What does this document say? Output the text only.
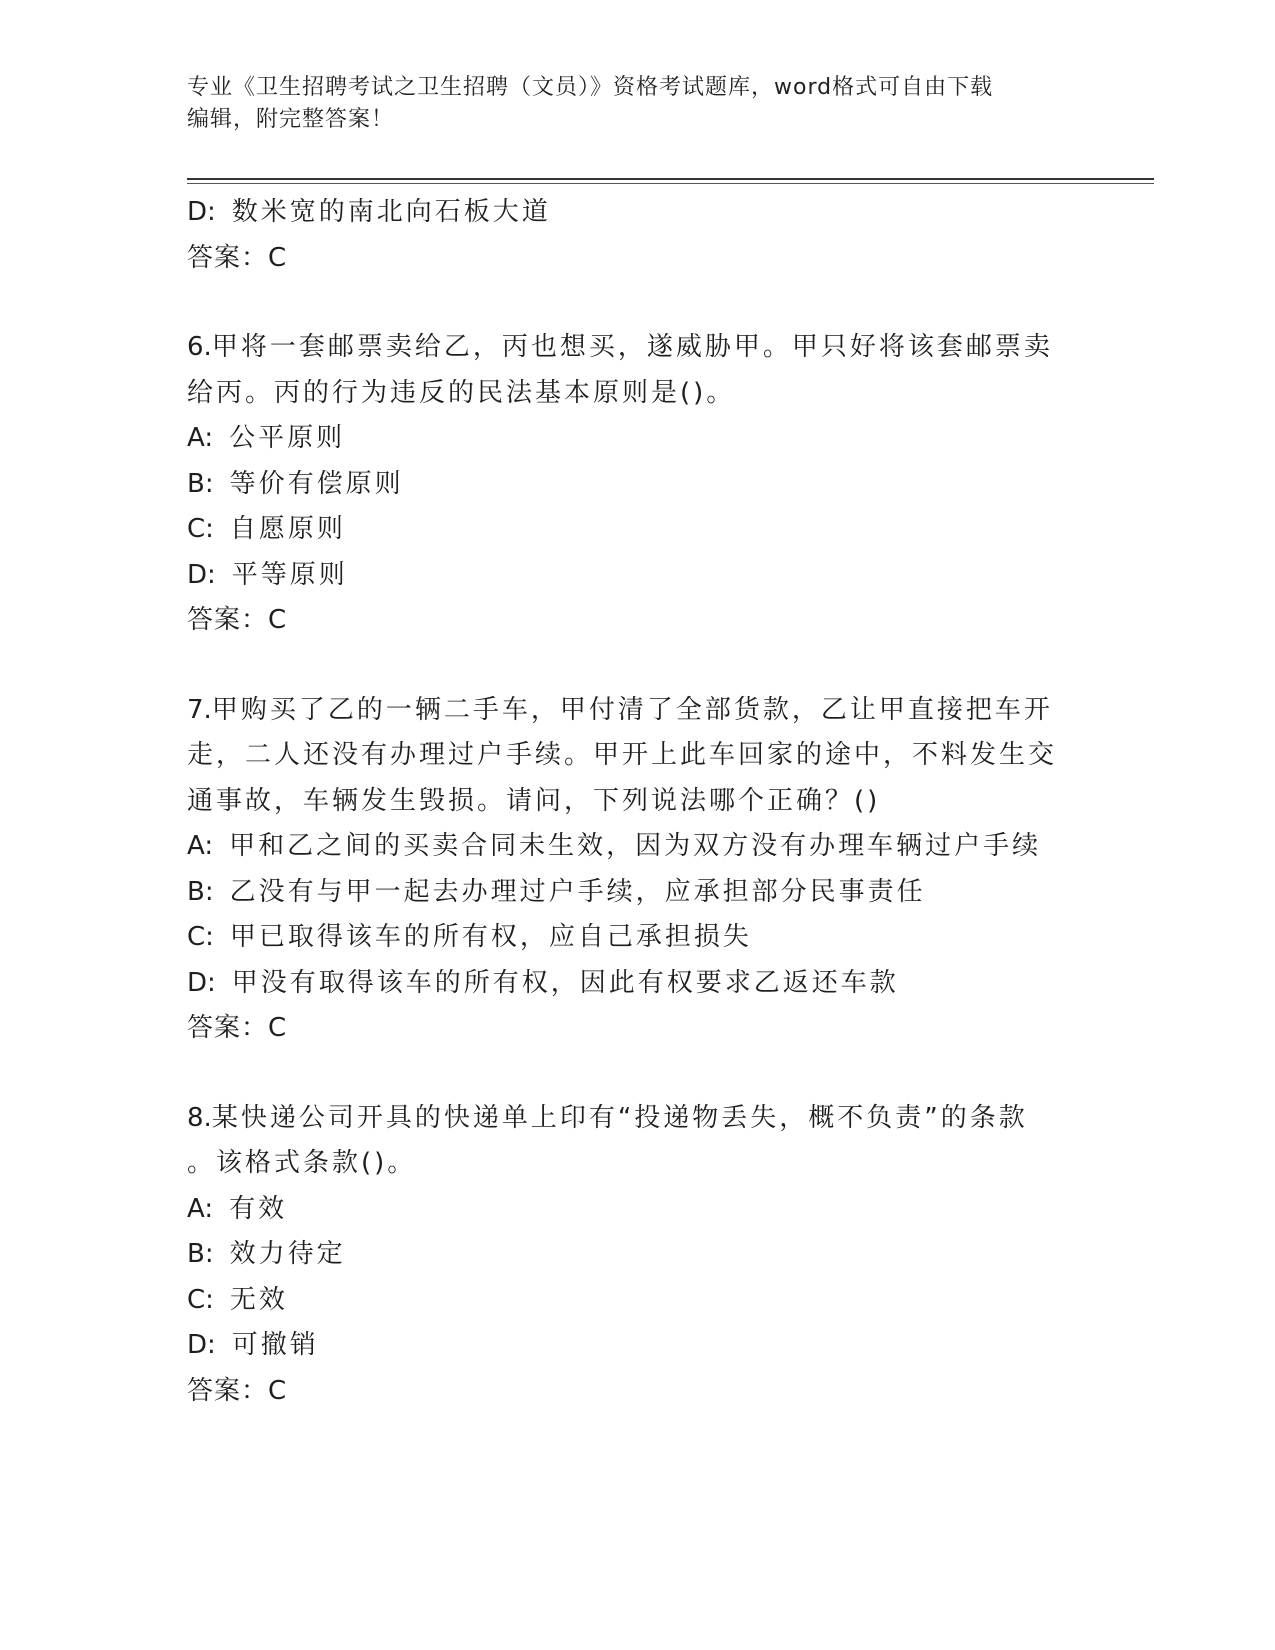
专业《卫生招聘考试之卫生招聘（文员）》资格考试题库，word格式可自由下载
编辑，附完整答案！
D: 数米宽的南北向石板大道
答案：C
6.甲将一套邮票卖给乙，丙也想买，遂威胁甲。甲只好将该套邮票卖
给丙。丙的行为违反的民法基本原则是()。
A: 公平原则
B: 等价有偿原则
C: 自愿原则
D: 平等原则
答案：C
7.甲购买了乙的一辆二手车，甲付清了全部货款，乙让甲直接把车开
走，二人还没有办理过户手续。甲开上此车回家的途中，不料发生交
通事故，车辆发生毁损。请问，下列说法哪个正确？()
A: 甲和乙之间的买卖合同未生效，因为双方没有办理车辆过户手续
B: 乙没有与甲一起去办理过户手续，应承担部分民事责任
C: 甲已取得该车的所有权，应自己承担损失
D: 甲没有取得该车的所有权，因此有权要求乙返还车款
答案：C
8.某快递公司开具的快递单上印有“投递物丢失，概不负责”的条款
。该格式条款()。
A: 有效
B: 效力待定
C: 无效
D: 可撤销
答案：C
